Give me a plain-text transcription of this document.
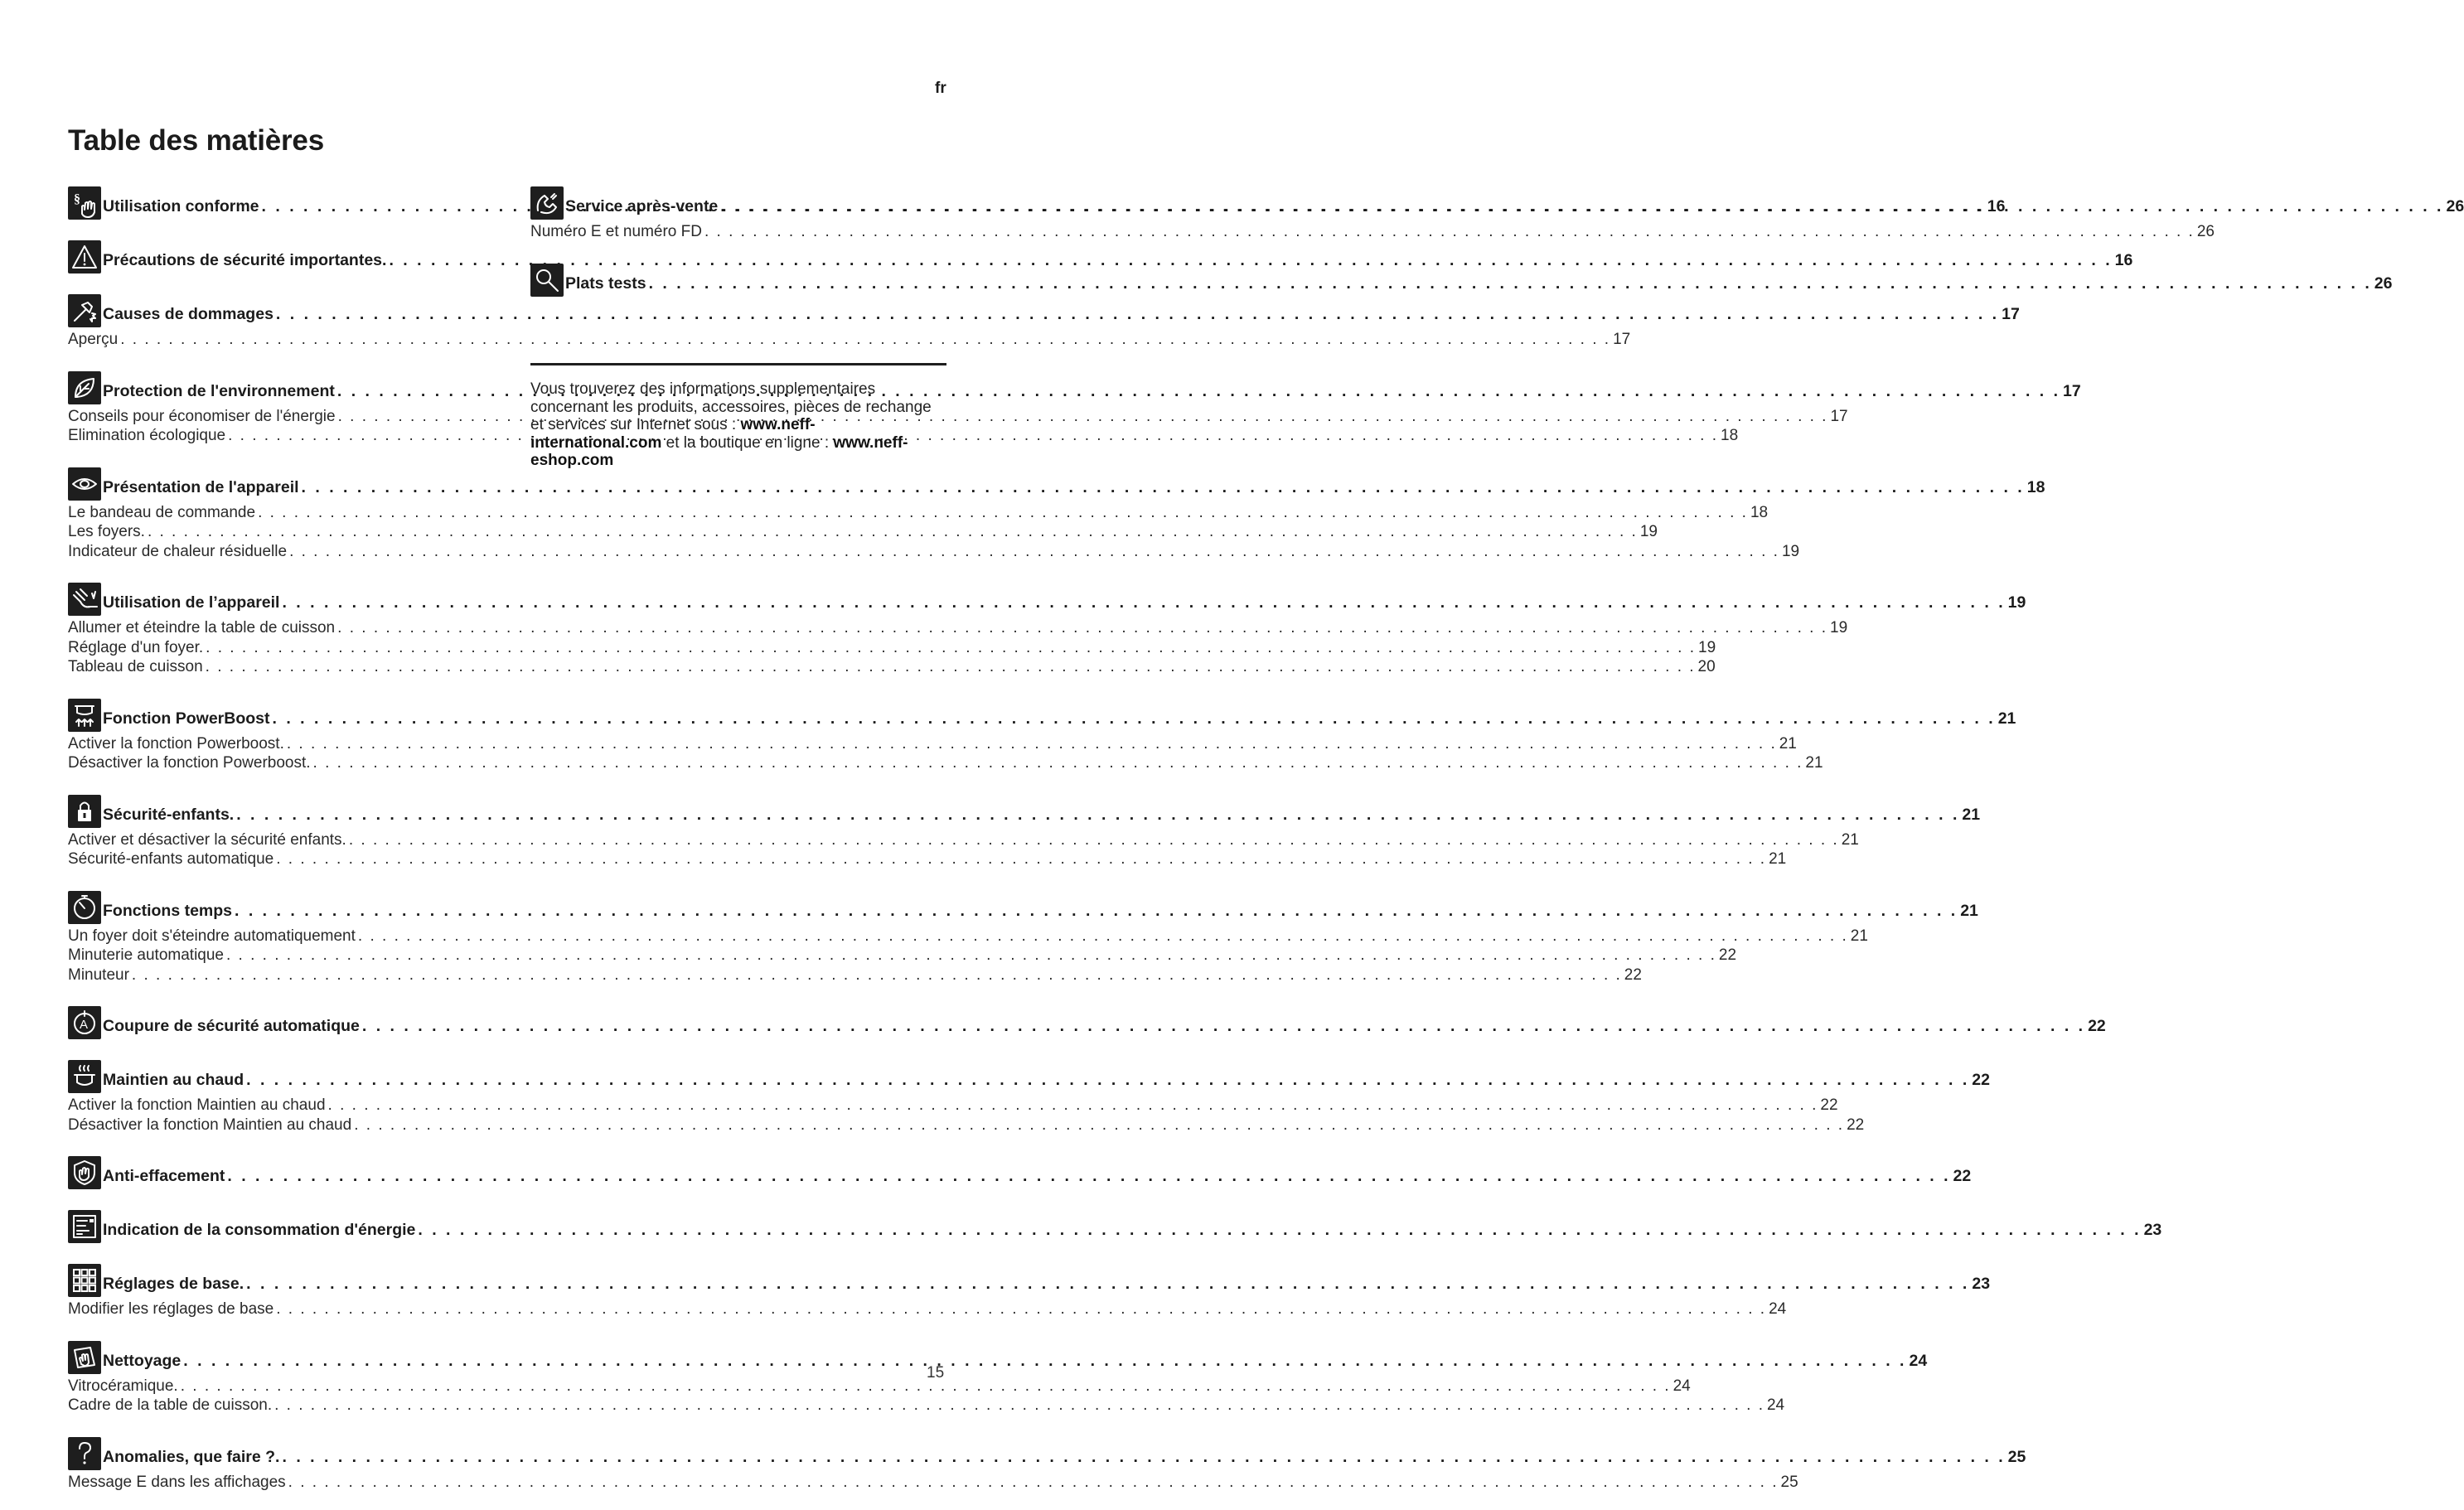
fr
Table des matières
§ Utilisation conforme . . .	16
Précautions de sécurité importantes. . . .	16
Causes de dommages . . .	17
Aperçu . . .	17
Protection de l'environnement . . .	17
Conseils pour économiser de l'énergie . . .	17
Elimination écologique . . .	18
Présentation de l'appareil . . .	18
Le bandeau de commande . . .	18
Les foyers. . . .	19
Indicateur de chaleur résiduelle . . .	19
Utilisation de l’appareil . . .	19
Allumer et éteindre la table de cuisson . . .	19
Réglage d'un foyer. . . .	19
Tableau de cuisson . . .	20
Fonction PowerBoost . . .	21
Activer la fonction Powerboost. . . .	21
Désactiver la fonction Powerboost. . . .	21
Sécurité-enfants. . . .	21
Activer et désactiver la sécurité enfants. . . .	21
Sécurité-enfants automatique . . .	21
Fonctions temps . . .	21
Un foyer doit s'éteindre automatiquement . . .	21
Minuterie automatique . . .	22
Minuteur . . .	22
A Coupure de sécurité automatique . . .	22
Maintien au chaud . . .	22
Activer la fonction Maintien au chaud . . .	22
Désactiver la fonction Maintien au chaud . . .	22
Anti-effacement . . .	22
Indication de la consommation d'énergie . . .	23
Réglages de base. . . .	23
Modifier les réglages de base . . .	24
Nettoyage . . .	24
Vitrocéramique. . . .	24
Cadre de la table de cuisson. . . .	24
Anomalies, que faire ?. . . .	25
Message E dans les affichages . . .	25
Service après-vente . . .	26
Numéro E et numéro FD . . .	26
Plats tests . . .	26
Vous trouverez des informations supplementaires concernant les produits, accessoires, pièces de rechange et services sur Internet sous : www.neff-international.com et la boutique en ligne : www.neff-eshop.com
15
